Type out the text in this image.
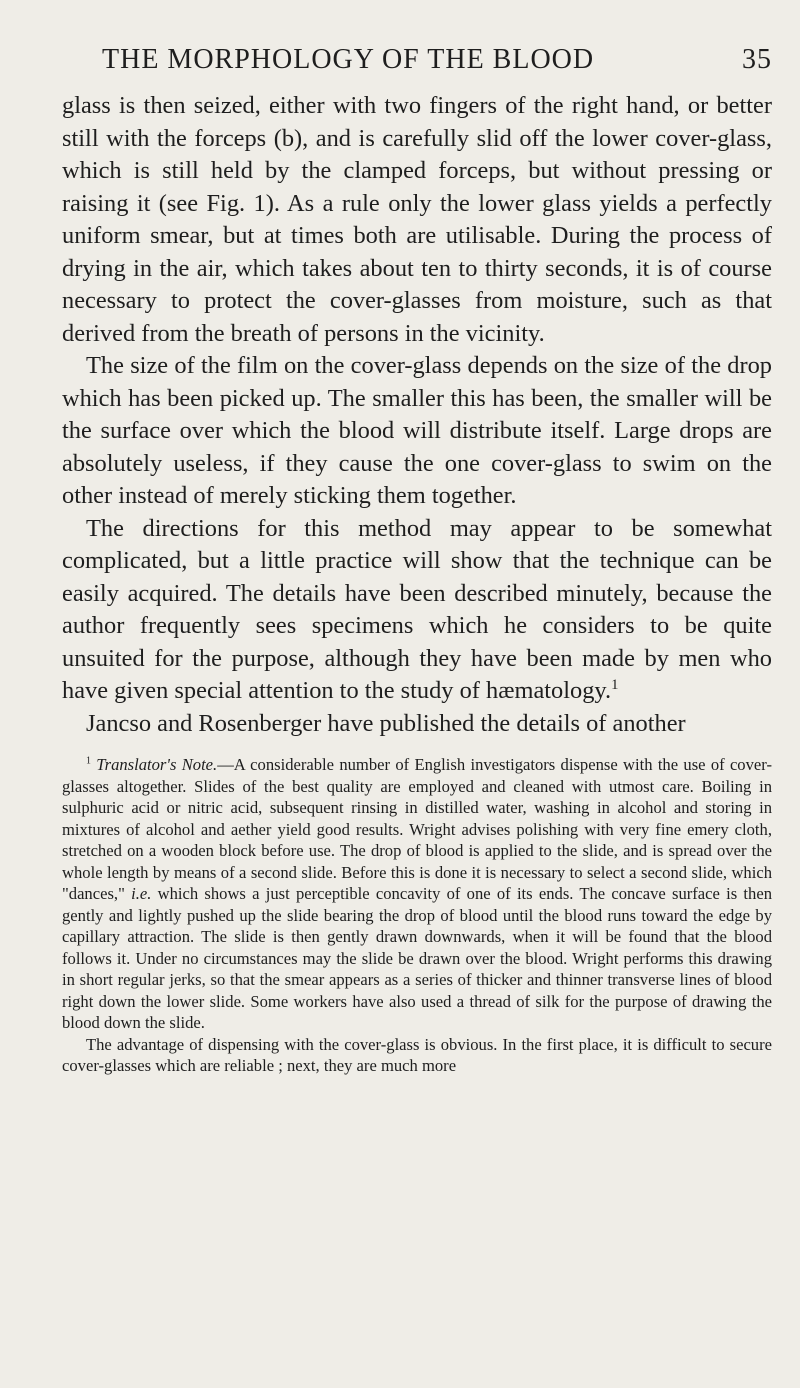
THE MORPHOLOGY OF THE BLOOD	35

glass is then seized, either with two fingers of the right hand, or better still with the forceps (b), and is carefully slid off the lower cover-glass, which is still held by the clamped forceps, but without pressing or raising it (see Fig. 1). As a rule only the lower glass yields a perfectly uniform smear, but at times both are utilisable. During the process of drying in the air, which takes about ten to thirty seconds, it is of course necessary to protect the cover-glasses from moisture, such as that derived from the breath of persons in the vicinity.

The size of the film on the cover-glass depends on the size of the drop which has been picked up. The smaller this has been, the smaller will be the surface over which the blood will distribute itself. Large drops are absolutely useless, if they cause the one cover-glass to swim on the other instead of merely sticking them together.

The directions for this method may appear to be somewhat complicated, but a little practice will show that the technique can be easily acquired. The details have been described minutely, because the author frequently sees specimens which he considers to be quite unsuited for the purpose, although they have been made by men who have given special attention to the study of hæmatology.$^1$

Jancso and Rosenberger have published the details of another

$^1$ Translator's Note.—A considerable number of English investigators dispense with the use of cover-glasses altogether. Slides of the best quality are employed and cleaned with utmost care. Boiling in sulphuric acid or nitric acid, subsequent rinsing in distilled water, washing in alcohol and storing in mixtures of alcohol and aether yield good results. Wright advises polishing with very fine emery cloth, stretched on a wooden block before use. The drop of blood is applied to the slide, and is spread over the whole length by means of a second slide. Before this is done it is necessary to select a second slide, which "dances," i.e. which shows a just perceptible concavity of one of its ends. The concave surface is then gently and lightly pushed up the slide bearing the drop of blood until the blood runs toward the edge by capillary attraction. The slide is then gently drawn downwards, when it will be found that the blood follows it. Under no circumstances may the slide be drawn over the blood. Wright performs this drawing in short regular jerks, so that the smear appears as a series of thicker and thinner transverse lines of blood right down the lower slide. Some workers have also used a thread of silk for the purpose of drawing the blood down the slide.

The advantage of dispensing with the cover-glass is obvious. In the first place, it is difficult to secure cover-glasses which are reliable ; next, they are much more
